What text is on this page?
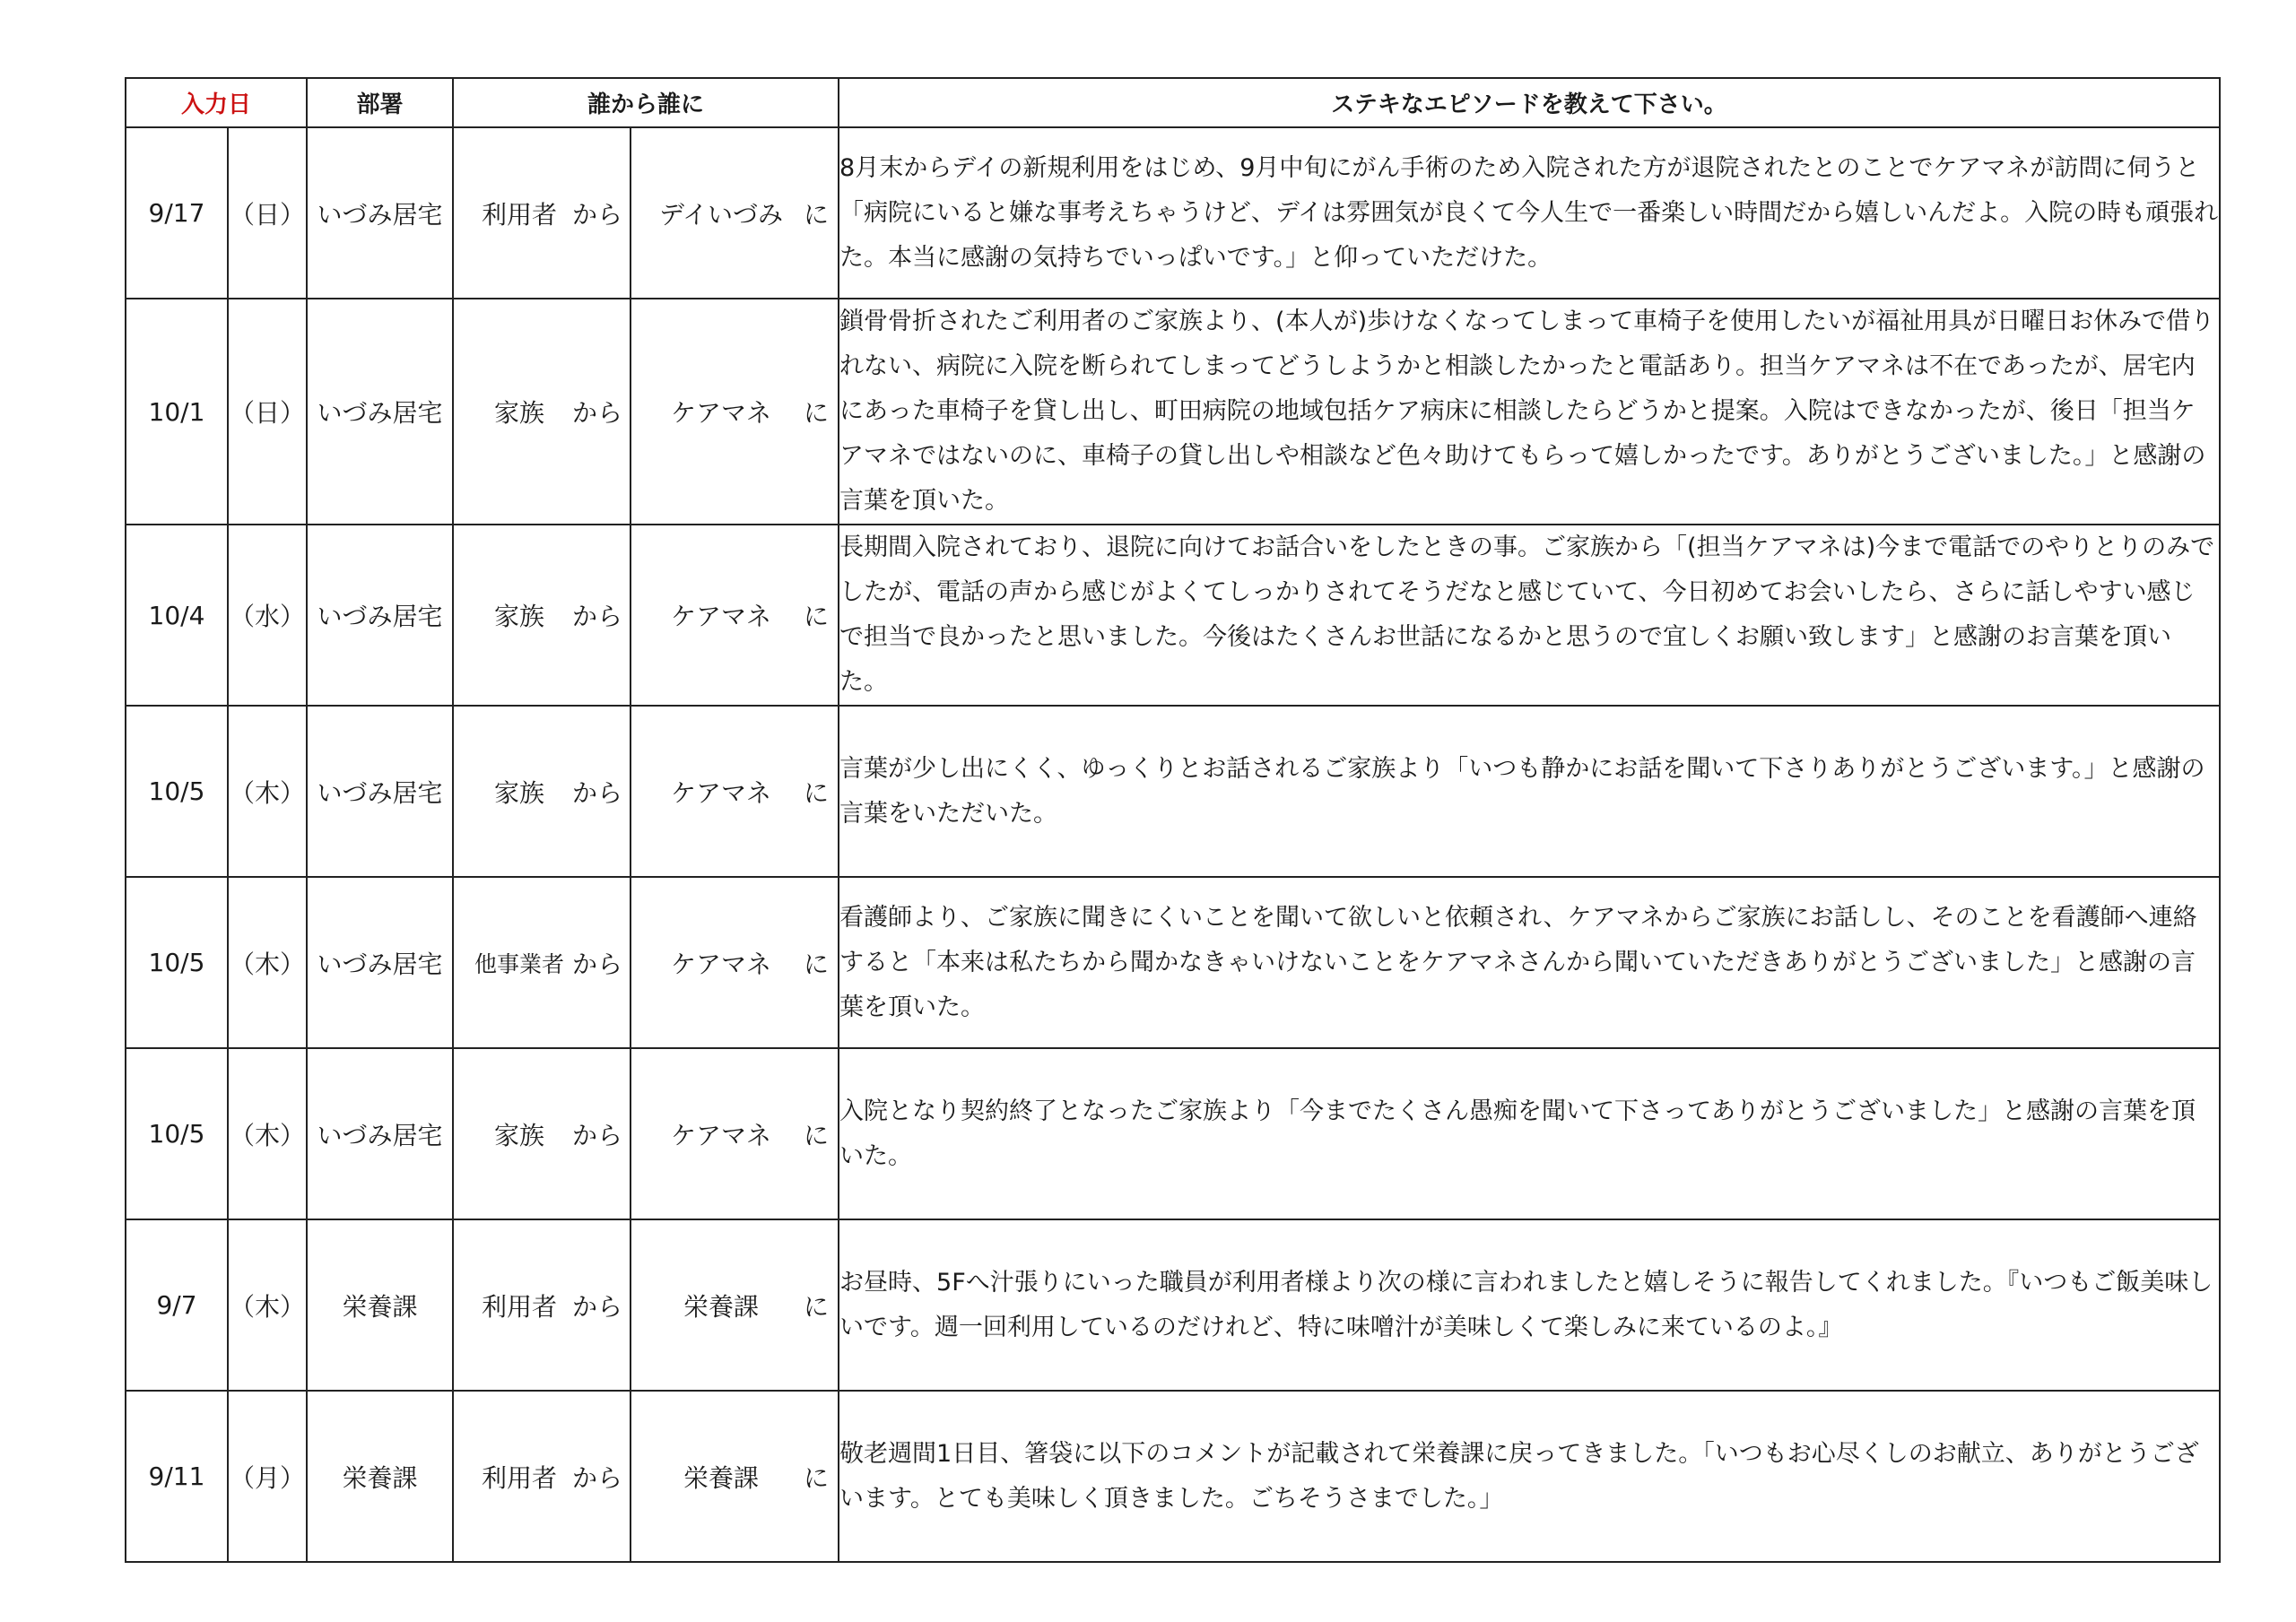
入力日		部署	誰から誰に		ステキなエピソードを教えて下さい。
9/17	（日）	いづみ居宅	利用者 から	デイいづみ に	8月末からデイの新規利用をはじめ、9月中旬にがん手術のため入院された方が退院されたとのことでケアマネが訪問に伺うと「病院にいると嫌な事考えちゃうけど、デイは雰囲気が良くて今人生で一番楽しい時間だから嬉しいんだよ。入院の時も頑張れた。本当に感謝の気持ちでいっぱいです。」と仰っていただけた。

10/1	（日）	いづみ居宅	家族 から	ケアマネ に	鎖骨骨折されたご利用者のご家族より、(本人が)歩けなくなってしまって車椅子を使用したいが福祉用具が日曜日お休みで借りれない、病院に入院を断られてしまってどうしようかと相談したかったと電話あり。担当ケアマネは不在であったが、居宅内にあった車椅子を貸し出し、町田病院の地域包括ケア病床に相談したらどうかと提案。入院はできなかったが、後日「担当ケアマネではないのに、車椅子の貸し出しや相談など色々助けてもらって嬉しかったです。ありがとうございました。」と感謝の言葉を頂いた。

10/4	（水）	いづみ居宅	家族 から	ケアマネ に	長期間入院されており、退院に向けてお話合いをしたときの事。ご家族から「(担当ケアマネは)今まで電話でのやりとりのみでしたが、電話の声から感じがよくてしっかりされてそうだなと感じていて、今日初めてお会いしたら、さらに話しやすい感じで担当で良かったと思いました。今後はたくさんお世話になるかと思うので宜しくお願い致します」と感謝のお言葉を頂いた。

10/5	（木）	いづみ居宅	家族 から	ケアマネ に	言葉が少し出にくく、ゆっくりとお話されるご家族より「いつも静かにお話を聞いて下さりありがとうございます。」と感謝の言葉をいただいた。

10/5	（木）	いづみ居宅	他事業者 から	ケアマネ に	看護師より、ご家族に聞きにくいことを聞いて欲しいと依頼され、ケアマネからご家族にお話しし、そのことを看護師へ連絡すると「本来は私たちから聞かなきゃいけないことをケアマネさんから聞いていただきありがとうございました」と感謝の言葉を頂いた。

10/5	（木）	いづみ居宅	家族 から	ケアマネ に	入院となり契約終了となったご家族より「今までたくさん愚痴を聞いて下さってありがとうございました」と感謝の言葉を頂いた。

9/7	（木）	栄養課	利用者 から	栄養課 に	お昼時、5Fへ汁張りにいった職員が利用者様より次の様に言われましたと嬉しそうに報告してくれました。『いつもご飯美味しいです。週一回利用しているのだけれど、特に味噌汁が美味しくて楽しみに来ているのよ。』

9/11	（月）	栄養課	利用者 から	栄養課 に	敬老週間1日目、箸袋に以下のコメントが記載されて栄養課に戻ってきました。「いつもお心尽くしのお献立、ありがとうございます。とても美味しく頂きました。ごちそうさまでした。」
